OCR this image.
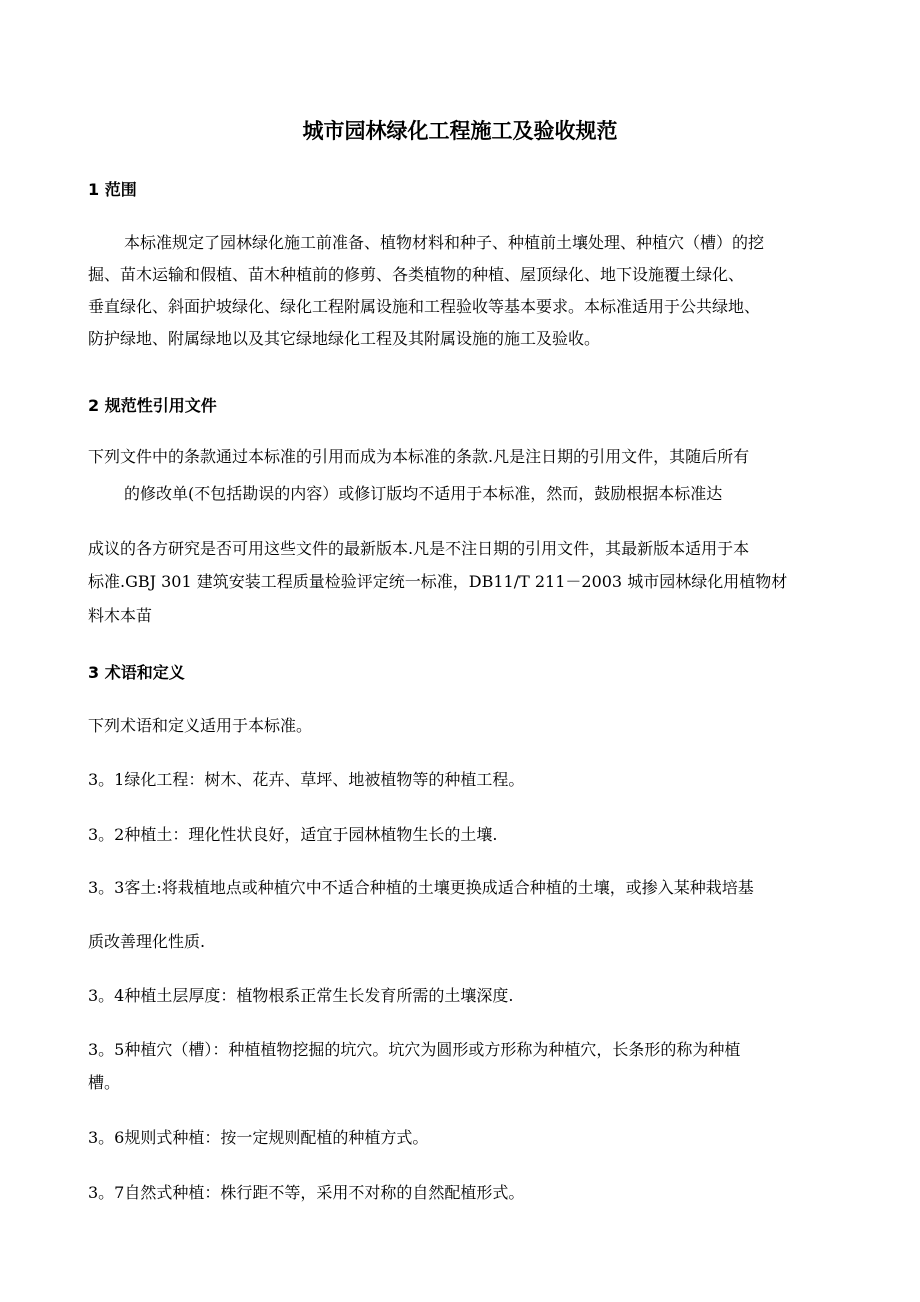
城市园林绿化工程施工及验收规范
1 范围
本标准规定了园林绿化施工前准备、植物材料和种子、种植前土壤处理、种植穴（槽）的挖
掘、苗木运输和假植、苗木种植前的修剪、各类植物的种植、屋顶绿化、地下设施覆土绿化、
垂直绿化、斜面护坡绿化、绿化工程附属设施和工程验收等基本要求。本标准适用于公共绿地、
防护绿地、附属绿地以及其它绿地绿化工程及其附属设施的施工及验收。
2 规范性引用文件
下列文件中的条款通过本标准的引用而成为本标准的条款.凡是注日期的引用文件，其随后所有
的修改单(不包括勘误的内容）或修订版均不适用于本标准，然而，鼓励根据本标准达
成议的各方研究是否可用这些文件的最新版本.凡是不注日期的引用文件，其最新版本适用于本
标准.GBJ 301 建筑安装工程质量检验评定统一标准，DB11/T 211－2003 城市园林绿化用植物材
料木本苗
3 术语和定义
下列术语和定义适用于本标准。
3。1绿化工程：树木、花卉、草坪、地被植物等的种植工程。
3。2种植土：理化性状良好，适宜于园林植物生长的土壤.
3。3客土:将栽植地点或种植穴中不适合种植的土壤更换成适合种植的土壤，或掺入某种栽培基
质改善理化性质.
3。4种植土层厚度：植物根系正常生长发育所需的土壤深度.
3。5种植穴（槽）：种植植物挖掘的坑穴。坑穴为圆形或方形称为种植穴，长条形的称为种植
槽。
3。6规则式种植：按一定规则配植的种植方式。
3。7自然式种植：株行距不等，采用不对称的自然配植形式。
